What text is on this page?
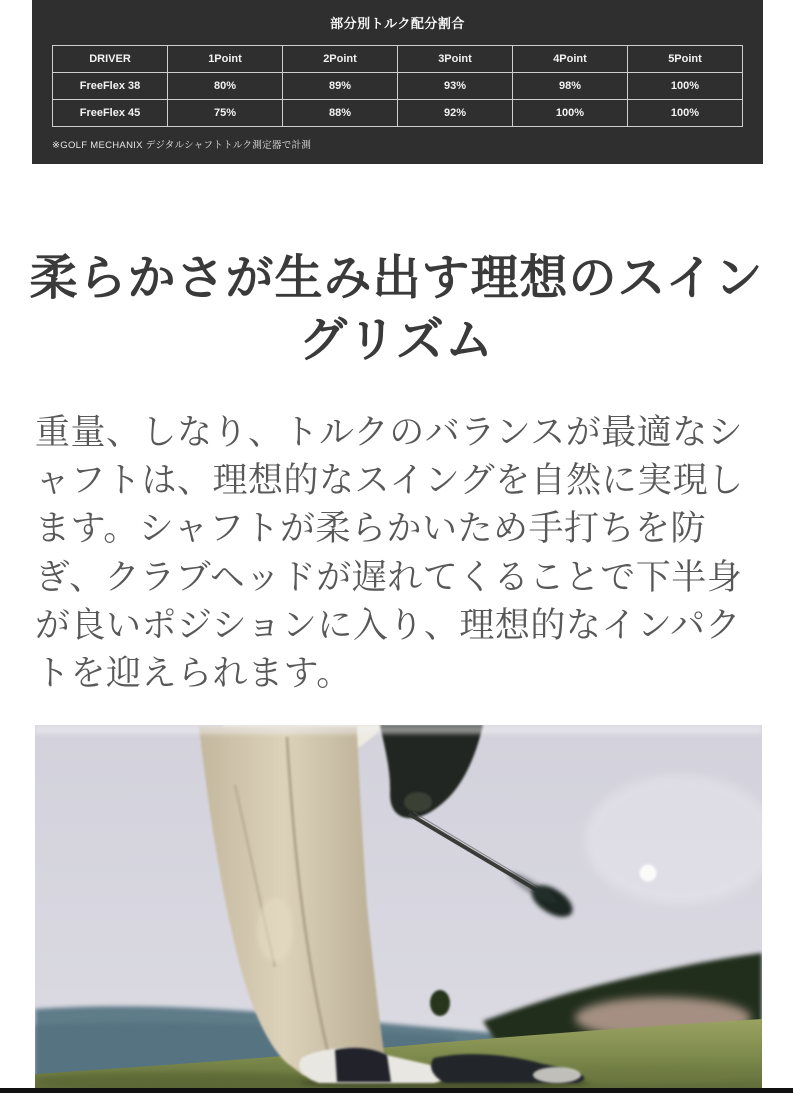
部分別トルク配分割合
DRIVER	1Point	2Point	3Point	4Point	5Point
FreeFlex 38	80%	89%	93%	98%	100%
FreeFlex 45	75%	88%	92%	100%	100%
※GOLF MECHANIX デジタルシャフトトルク測定器で計測
柔らかさが生み出す理想のスイングリズム

重量、しなり、トルクのバランスが最適なシャフトは、理想的なスイングを自然に実現します。シャフトが柔らかいため手打ちを防ぎ、クラブヘッドが遅れてくることで下半身が良いポジションに入り、理想的なインパクトを迎えられます。
